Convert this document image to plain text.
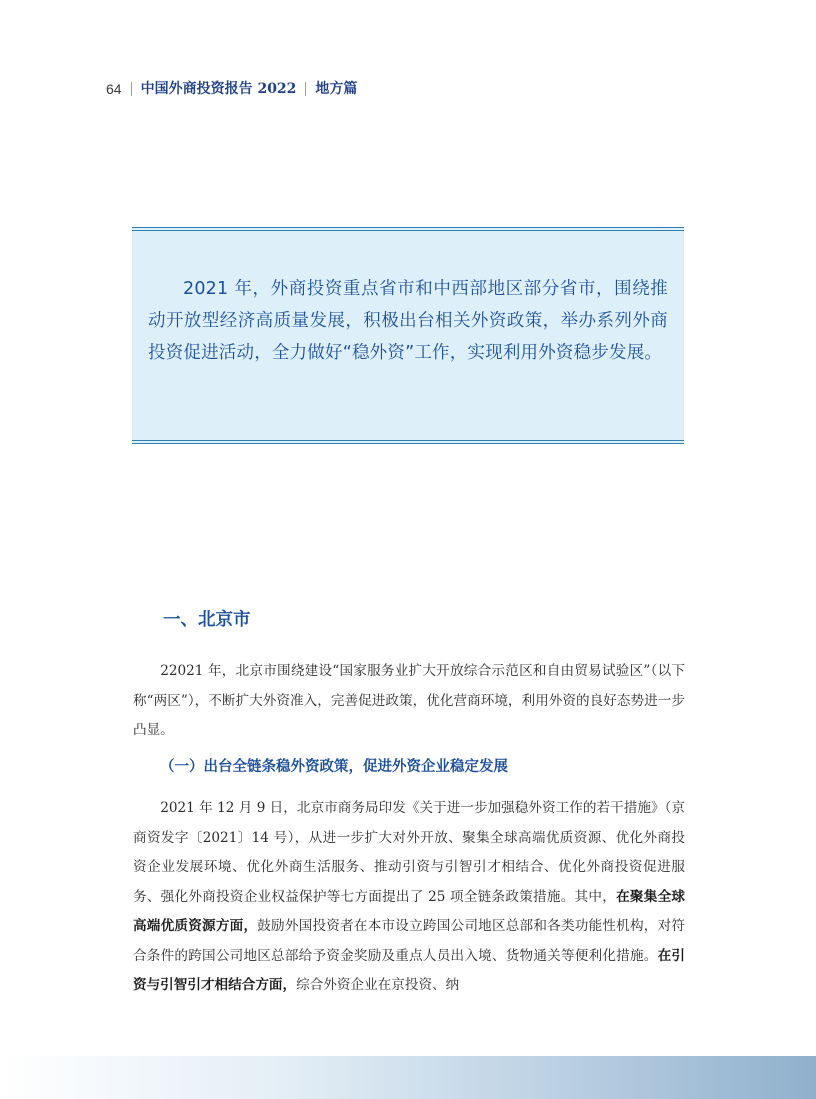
64 中国外商投资报告 2022 地方篇

2021 年，外商投资重点省市和中西部地区部分省市，围绕推动开放型经济高质量发展，积极出台相关外资政策，举办系列外商投资促进活动，全力做好“稳外资”工作，实现利用外资稳步发展。

一、北京市

22021 年，北京市围绕建设“国家服务业扩大开放综合示范区和自由贸易试验区”（以下称“两区”），不断扩大外资准入，完善促进政策，优化营商环境，利用外资的良好态势进一步凸显。

（一）出台全链条稳外资政策，促进外资企业稳定发展

2021 年 12 月 9 日，北京市商务局印发《关于进一步加强稳外资工作的若干措施》（京商资发字〔2021〕14 号），从进一步扩大对外开放、聚集全球高端优质资源、优化外商投资企业发展环境、优化外商生活服务、推动引资与引智引才相结合、优化外商投资促进服务、强化外商投资企业权益保护等七方面提出了 25 项全链条政策措施。其中，在聚集全球高端优质资源方面，鼓励外国投资者在本市设立跨国公司地区总部和各类功能性机构，对符合条件的跨国公司地区总部给予资金奖励及重点人员出入境、货物通关等便利化措施。在引资与引智引才相结合方面，综合外资企业在京投资、纳
